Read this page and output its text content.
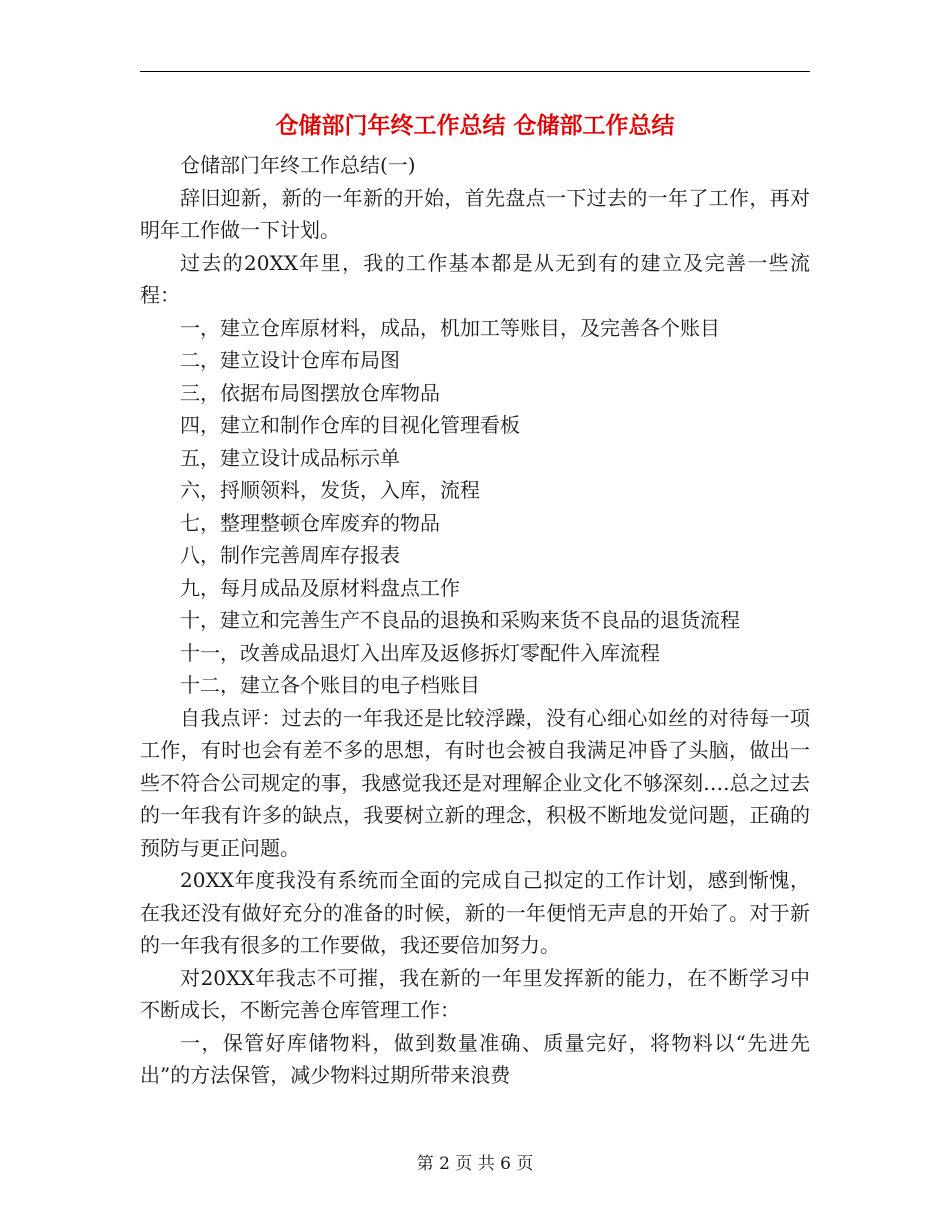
仓储部门年终工作总结 仓储部工作总结

仓储部门年终工作总结(一)

辞旧迎新，新的一年新的开始，首先盘点一下过去的一年了工作，再对明年工作做一下计划。

过去的20XX年里，我的工作基本都是从无到有的建立及完善一些流程：

一，建立仓库原材料，成品，机加工等账目，及完善各个账目

二，建立设计仓库布局图

三，依据布局图摆放仓库物品

四，建立和制作仓库的目视化管理看板

五，建立设计成品标示单

六，捋顺领料，发货，入库，流程

七，整理整顿仓库废弃的物品

八，制作完善周库存报表

九，每月成品及原材料盘点工作

十，建立和完善生产不良品的退换和采购来货不良品的退货流程

十一，改善成品退灯入出库及返修拆灯零配件入库流程

十二，建立各个账目的电子档账目

自我点评：过去的一年我还是比较浮躁，没有心细心如丝的对待每一项工作，有时也会有差不多的思想，有时也会被自我满足冲昏了头脑，做出一些不符合公司规定的事，我感觉我还是对理解企业文化不够深刻….总之过去的一年我有许多的缺点，我要树立新的理念，积极不断地发觉问题，正确的预防与更正问题。

20XX年度我没有系统而全面的完成自己拟定的工作计划，感到惭愧， 在我还没有做好充分的准备的时候，新的一年便悄无声息的开始了。对于新的一年我有很多的工作要做，我还要倍加努力。

对20XX年我志不可摧，我在新的一年里发挥新的能力，在不断学习中不断成长，不断完善仓库管理工作：

一，保管好库储物料，做到数量准确、质量完好，将物料以“先进先出”的方法保管，减少物料过期所带来浪费

第 2 页 共 6 页
